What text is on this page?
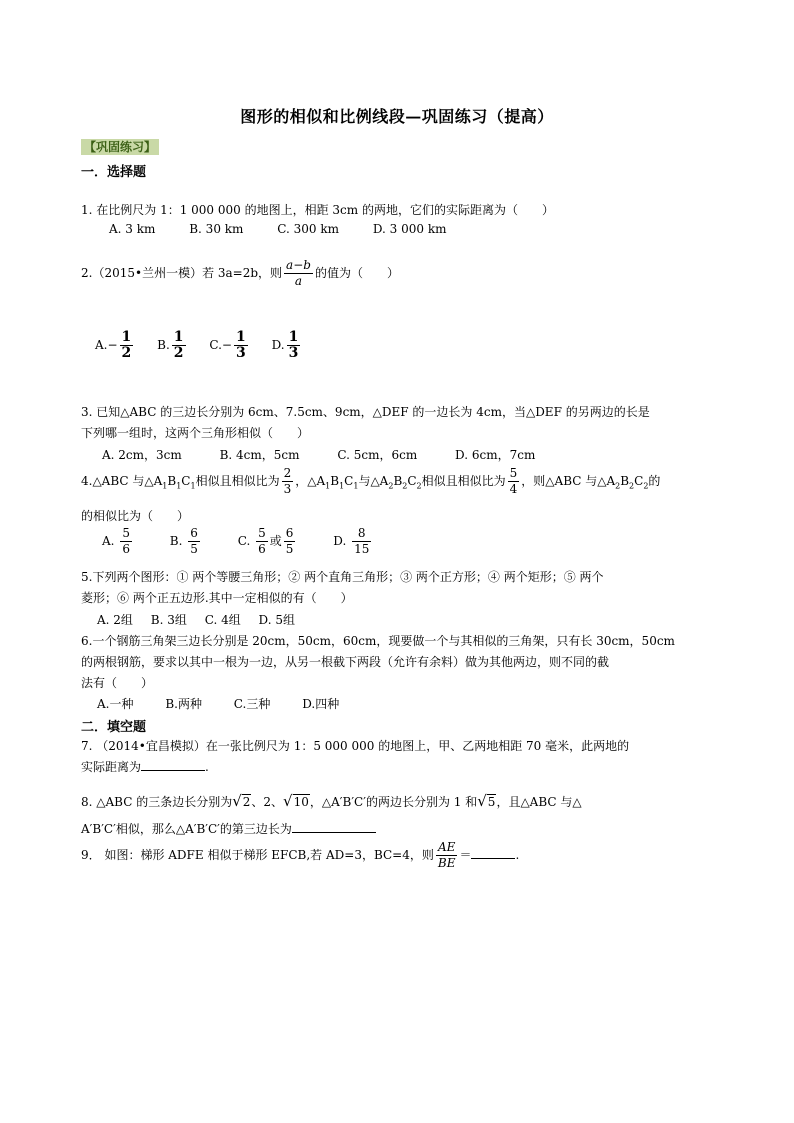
图形的相似和比例线段—巩固练习（提高）
【巩固练习】
一．选择题
1. 在比例尺为 1：1 000 000 的地图上，相距 3cm 的两地，它们的实际距离为（　　）
A. 3 km	B. 30 km	C. 300 km	D. 3 000 km
2.（2015•兰州一模）若 3a=2b，则 $\frac{a-b}{a}$ 的值为（　　）
$A.- \frac{1}{2} B$. $\frac{1}{2} C.- \frac{1}{3} D$. $\frac{1}{3}$
3. 已知△ABC 的三边长分别为 6cm、7.5cm、9cm，△DEF 的一边长为 4cm，当△DEF 的另两边的长是
下列哪一组时，这两个三角形相似（　　）
A. 2cm，3cm	B. 4cm，5cm	C. 5cm，6cm	D. 6cm，7cm
4.△ABC 与$\triangle A_1B_1C_1$相似且相似比为 $\frac{2}{3}$ ，$\triangle A_1B_1C_1$与$\triangle A_2B_2C_2$相似且相似比为 $\frac{5}{4}$ ，则△ABC 与$\triangle A_2B_2C_2$的
的相似比为（　　）
A. $\frac{5}{6}$	B. $\frac{6}{5}$	C. $\frac{5}{6}$ 或 $\frac{6}{5}$	D. $\frac{8}{15}$
5.下列两个图形：① 两个等腰三角形；② 两个直角三角形；③ 两个正方形；④ 两个矩形；⑤ 两个
菱形；⑥ 两个正五边形.其中一定相似的有（　　）
A. 2组 B. 3组 C. 4组 D. 5组
6.一个钢筋三角架三边长分别是 20cm，50cm，60cm，现要做一个与其相似的三角架，只有长 30cm，50cm
的两根钢筋，要求以其中一根为一边，从另一根截下两段（允许有余料）做为其他两边，则不同的截
法有（　　）
A.一种	B.两种	C.三种	D.四种
二．填空题
7. （2014•宜昌模拟）在一张比例尺为 1：5 000 000 的地图上，甲、乙两地相距 70 毫米，此两地的
实际距离为	.
8. △ABC 的三条边长分别为√2、2、√10，△A′B′C′的两边长分别为 1 和√5，且△ABC 与△
A′B′C′相似，那么△A′B′C′的第三边长为
9． 如图：梯形 ADFE 相似于梯形 EFCB,若 AD=3，BC=4，则 $\frac{AE}{BE}$ ＝	.
